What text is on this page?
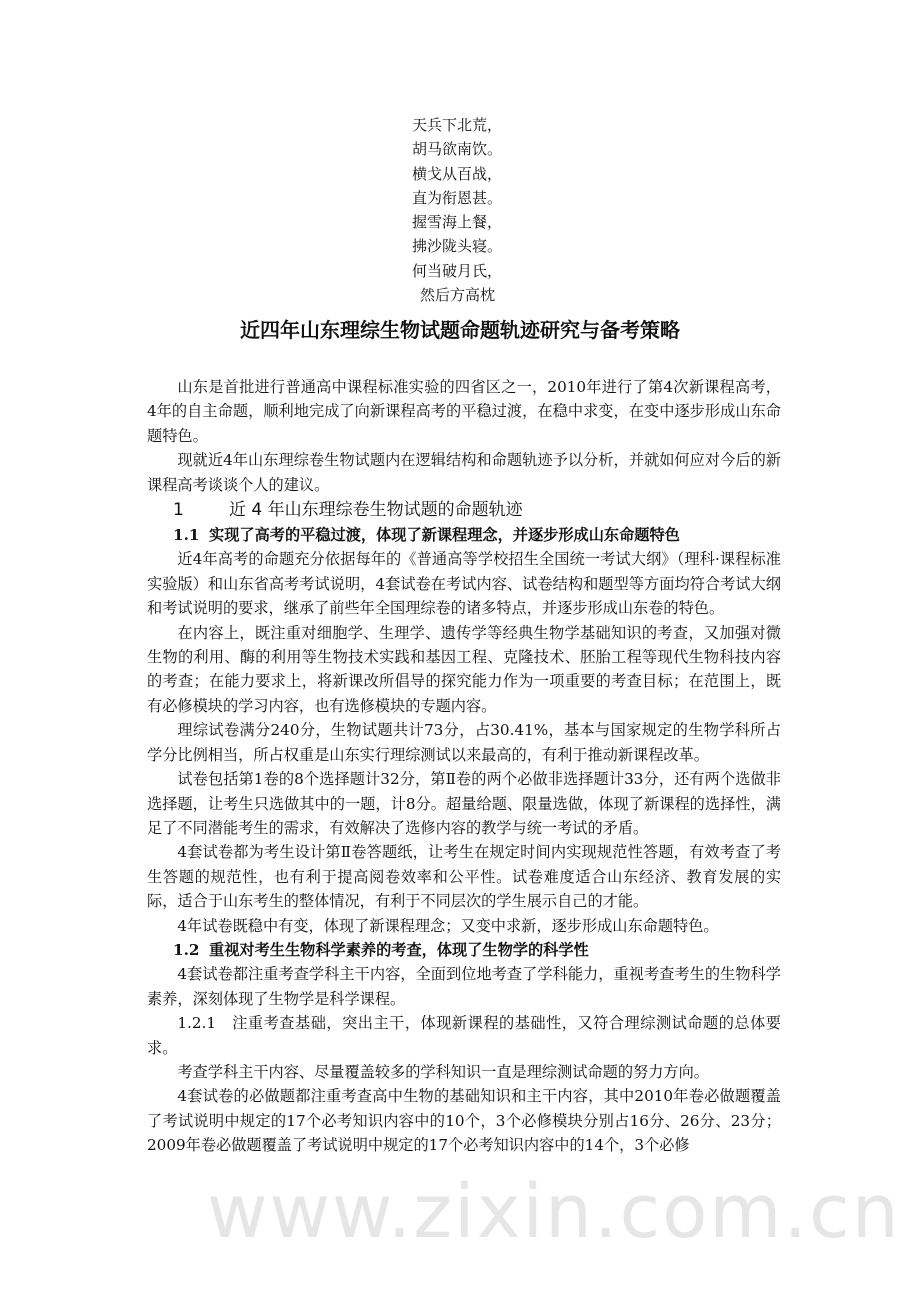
天兵下北荒，
胡马欲南饮。
横戈从百战，
直为衔恩甚。
握雪海上餐，
拂沙陇头寝。
何当破月氏，
然后方高枕
近四年山东理综生物试题命题轨迹研究与备考策略

山东是首批进行普通高中课程标准实验的四省区之一，2010年进行了第4次新课程高考，4年的自主命题，顺利地完成了向新课程高考的平稳过渡，在稳中求变，在变中逐步形成山东命题特色。

现就近4年山东理综卷生物试题内在逻辑结构和命题轨迹予以分析，并就如何应对今后的新课程高考谈谈个人的建议。

1	近 4 年山东理综卷生物试题的命题轨迹

1.1 实现了高考的平稳过渡，体现了新课程理念，并逐步形成山东命题特色

近4年高考的命题充分依据每年的《普通高等学校招生全国统一考试大纲》（理科·课程标准实验版）和山东省高考考试说明，4套试卷在考试内容、试卷结构和题型等方面均符合考试大纲和考试说明的要求，继承了前些年全国理综卷的诸多特点，并逐步形成山东卷的特色。

在内容上，既注重对细胞学、生理学、遗传学等经典生物学基础知识的考查，又加强对微生物的利用、酶的利用等生物技术实践和基因工程、克隆技术、胚胎工程等现代生物科技内容的考查；在能力要求上，将新课改所倡导的探究能力作为一项重要的考查目标；在范围上，既有必修模块的学习内容，也有选修模块的专题内容。

理综试卷满分240分，生物试题共计73分，占30.41%，基本与国家规定的生物学科所占学分比例相当，所占权重是山东实行理综测试以来最高的，有利于推动新课程改革。

试卷包括第1卷的8个选择题计32分，第Ⅱ卷的两个必做非选择题计33分，还有两个选做非选择题，让考生只选做其中的一题，计8分。超量给题、限量选做，体现了新课程的选择性，满足了不同潜能考生的需求，有效解决了选修内容的教学与统一考试的矛盾。

4套试卷都为考生设计第Ⅱ卷答题纸，让考生在规定时间内实现规范性答题，有效考查了考生答题的规范性，也有利于提高阅卷效率和公平性。试卷难度适合山东经济、教育发展的实际，适合于山东考生的整体情况，有利于不同层次的学生展示自己的才能。

4年试卷既稳中有变，体现了新课程理念；又变中求新，逐步形成山东命题特色。

1.2 重视对考生生物科学素养的考查，体现了生物学的科学性

4套试卷都注重考查学科主干内容，全面到位地考查了学科能力，重视考查考生的生物科学素养，深刻体现了生物学是科学课程。

1.2.1　注重考查基础，突出主干，体现新课程的基础性，又符合理综测试命题的总体要求。

考查学科主干内容、尽量覆盖较多的学科知识一直是理综测试命题的努力方向。

4套试卷的必做题都注重考查高中生物的基础知识和主干内容，其中2010年卷必做题覆盖了考试说明中规定的17个必考知识内容中的10个，3个必修模块分别占16分、26分、23分；2009年卷必做题覆盖了考试说明中规定的17个必考知识内容中的14个，3个必修

www.zixin.com.cn
